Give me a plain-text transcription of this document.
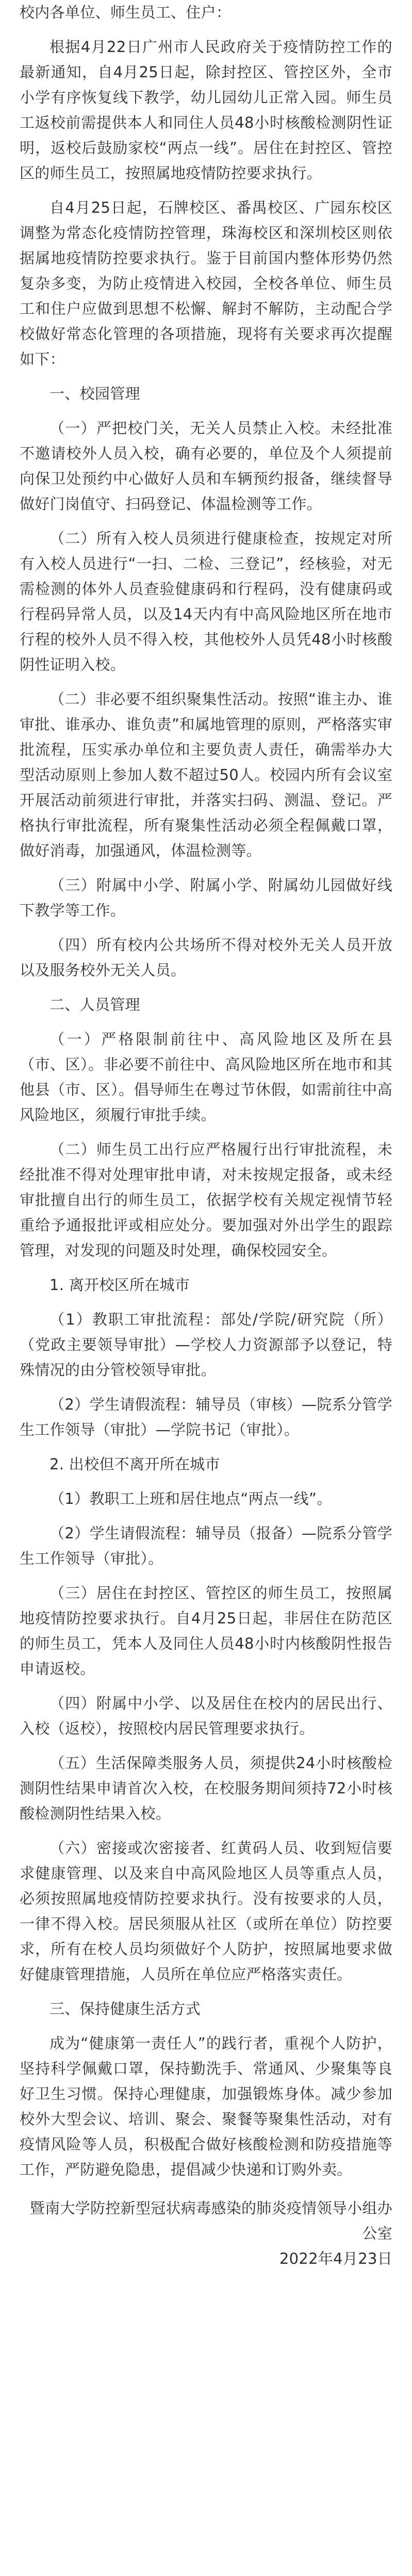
校内各单位、师生员工、住户：

根据4月22日广州市人民政府关于疫情防控工作的最新通知，自4月25日起，除封控区、管控区外，全市小学有序恢复线下教学，幼儿园幼儿正常入园。师生员工返校前需提供本人和同住人员48小时核酸检测阴性证明，返校后鼓励家校“两点一线”。居住在封控区、管控区的师生员工，按照属地疫情防控要求执行。

自4月25日起，石牌校区、番禺校区、广园东校区调整为常态化疫情防控管理，珠海校区和深圳校区则依据属地疫情防控要求执行。鉴于目前国内整体形势仍然复杂多变，为防止疫情进入校园，全校各单位、师生员工和住户应做到思想不松懈、解封不解防，主动配合学校做好常态化管理的各项措施，现将有关要求再次提醒如下：

一、校园管理

（一）严把校门关，无关人员禁止入校。未经批准不邀请校外人员入校，确有必要的，单位及个人须提前向保卫处预约中心做好人员和车辆预约报备，继续督导做好门岗值守、扫码登记、体温检测等工作。

（二）所有入校人员须进行健康检查，按规定对所有入校人员进行“一扫、二检、三登记”，经核验，对无需检测的体外人员查验健康码和行程码，没有健康码或行程码异常人员，以及14天内有中高风险地区所在地市行程的校外人员不得入校，其他校外人员凭48小时核酸阴性证明入校。

（二）非必要不组织聚集性活动。按照“谁主办、谁审批、谁承办、谁负责”和属地管理的原则，严格落实审批流程，压实承办单位和主要负责人责任，确需举办大型活动原则上参加人数不超过50人。校园内所有会议室开展活动前须进行审批，并落实扫码、测温、登记。严格执行审批流程，所有聚集性活动必须全程佩戴口罩，做好消毒，加强通风，体温检测等。

（三）附属中小学、附属小学、附属幼儿园做好线下教学等工作。

（四）所有校内公共场所不得对校外无关人员开放以及服务校外无关人员。

二、人员管理

（一）严格限制前往中、高风险地区及所在县（市、区）。非必要不前往中、高风险地区所在地市和其他县（市、区）。倡导师生在粤过节休假，如需前往中高风险地区，须履行审批手续。

（二）师生员工出行应严格履行出行审批流程，未经批准不得对处理审批申请，对未按规定报备，或未经审批擅自出行的师生员工，依据学校有关规定视情节轻重给予通报批评或相应处分。要加强对外出学生的跟踪管理，对发现的问题及时处理，确保校园安全。

1. 离开校区所在城市

（1）教职工审批流程：部处/学院/研究院（所）（党政主要领导审批）—学校人力资源部予以登记，特殊情况的由分管校领导审批。

（2）学生请假流程：辅导员（审核）—院系分管学生工作领导（审批）—学院书记（审批）。

2. 出校但不离开所在城市

（1）教职工上班和居住地点“两点一线”。

（2）学生请假流程：辅导员（报备）—院系分管学生工作领导（审批）。

（三）居住在封控区、管控区的师生员工，按照属地疫情防控要求执行。自4月25日起，非居住在防范区的师生员工，凭本人及同住人员48小时内核酸阴性报告申请返校。

（四）附属中小学、以及居住在校内的居民出行、入校（返校），按照校内居民管理要求执行。

（五）生活保障类服务人员，须提供24小时核酸检测阴性结果申请首次入校，在校服务期间须持72小时核酸检测阴性结果入校。

（六）密接或次密接者、红黄码人员、收到短信要求健康管理、以及来自中高风险地区人员等重点人员，必须按照属地疫情防控要求执行。没有按要求的人员，一律不得入校。居民须服从社区（或所在单位）防控要求，所有在校人员均须做好个人防护，按照属地要求做好健康管理措施，人员所在单位应严格落实责任。

三、保持健康生活方式

成为“健康第一责任人”的践行者，重视个人防护，坚持科学佩戴口罩，保持勤洗手、常通风、少聚集等良好卫生习惯。保持心理健康，加强锻炼身体。减少参加校外大型会议、培训、聚会、聚餐等聚集性活动，对有疫情风险等人员，积极配合做好核酸检测和防疫措施等工作，严防避免隐患，提倡减少快递和订购外卖。

暨南大学防控新型冠状病毒感染的肺炎疫情领导小组办公室

2022年4月23日
